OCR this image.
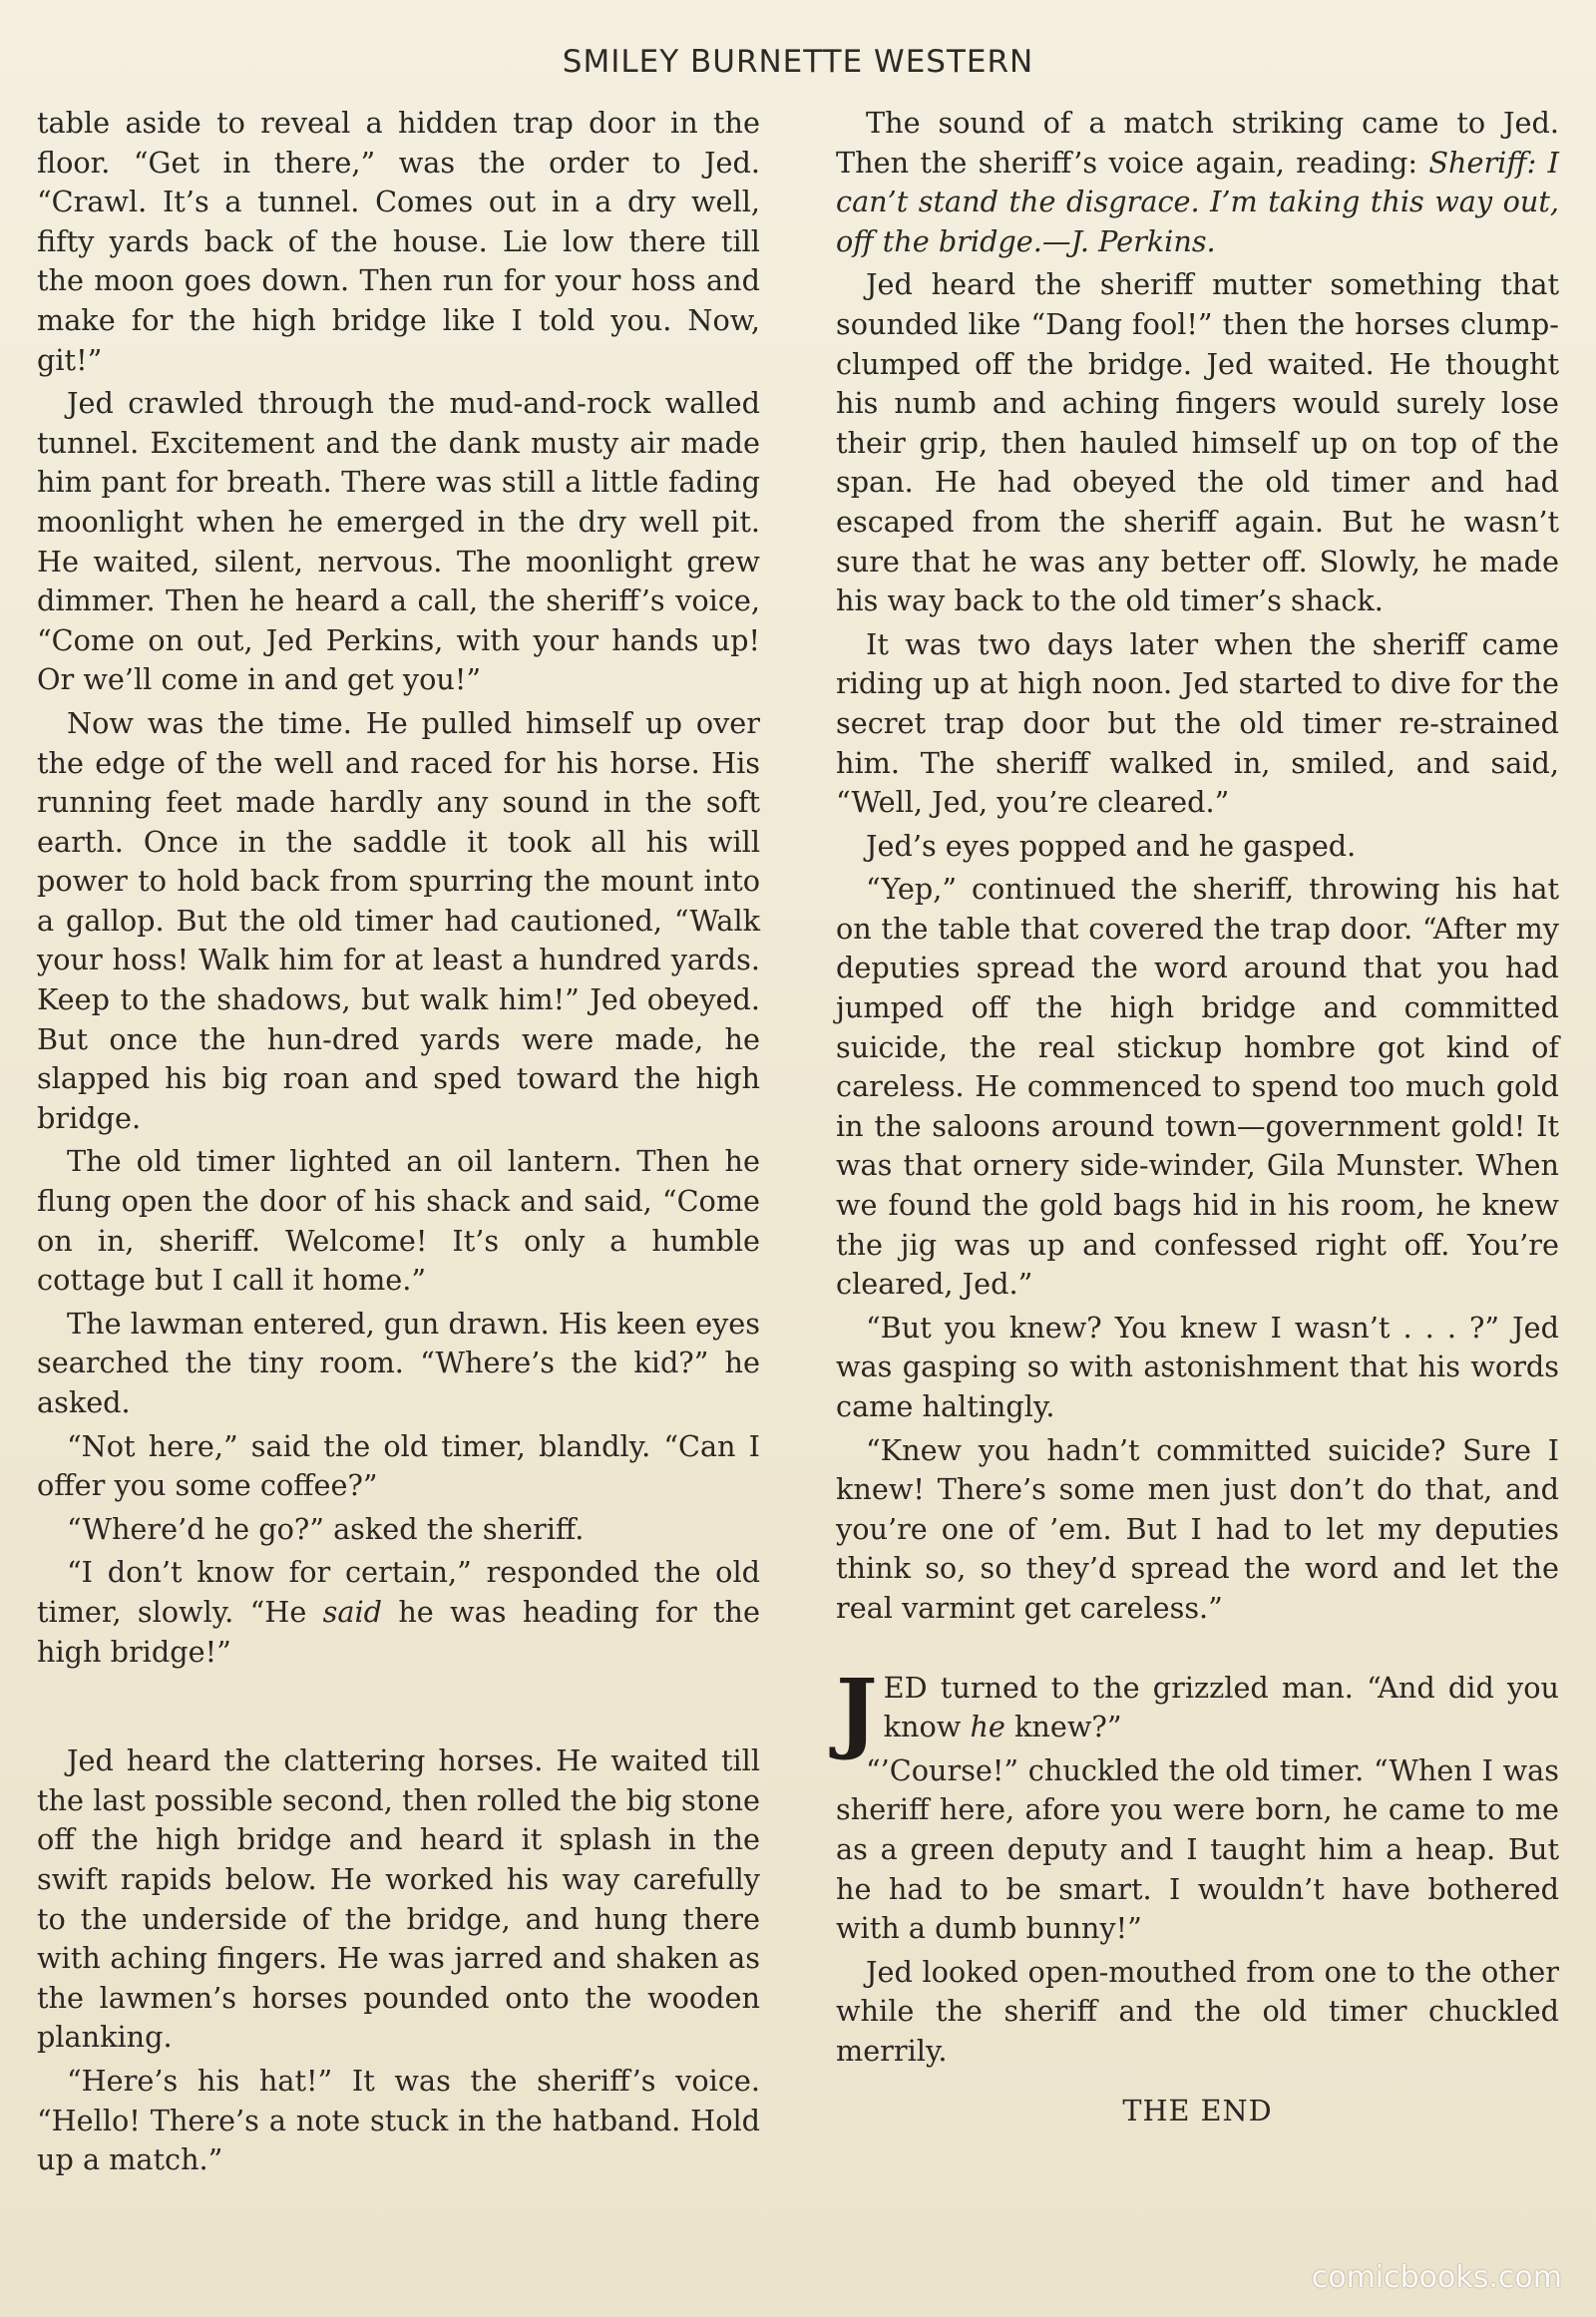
SMILEY BURNETTE WESTERN

table aside to reveal a hidden trap door in the floor. “Get in there,” was the order to Jed. “Crawl. It’s a tunnel. Comes out in a dry well, fifty yards back of the house. Lie low there till the moon goes down. Then run for your hoss and make for the high bridge like I told you. Now, git!”

Jed crawled through the mud-and-rock walled tunnel. Excitement and the dank musty air made him pant for breath. There was still a little fading moonlight when he emerged in the dry well pit. He waited, silent, nervous. The moonlight grew dimmer. Then he heard a call, the sheriff’s voice, “Come on out, Jed Perkins, with your hands up! Or we’ll come in and get you!”

Now was the time. He pulled himself up over the edge of the well and raced for his horse. His running feet made hardly any sound in the soft earth. Once in the saddle it took all his will power to hold back from spurring the mount into a gallop. But the old timer had cautioned, “Walk your hoss! Walk him for at least a hundred yards. Keep to the shadows, but walk him!” Jed obeyed. But once the hun-dred yards were made, he slapped his big roan and sped toward the high bridge.

The old timer lighted an oil lantern. Then he flung open the door of his shack and said, “Come on in, sheriff. Welcome! It’s only a humble cottage but I call it home.”

The lawman entered, gun drawn. His keen eyes searched the tiny room. “Where’s the kid?” he asked.

“Not here,” said the old timer, blandly. “Can I offer you some coffee?”

“Where’d he go?” asked the sheriff.

“I don’t know for certain,” responded the old timer, slowly. “He said he was heading for the high bridge!”

Jed heard the clattering horses. He waited till the last possible second, then rolled the big stone off the high bridge and heard it splash in the swift rapids below. He worked his way carefully to the underside of the bridge, and hung there with aching fingers. He was jarred and shaken as the lawmen’s horses pounded onto the wooden planking.

“Here’s his hat!” It was the sheriff’s voice. “Hello! There’s a note stuck in the hatband. Hold up a match.”

The sound of a match striking came to Jed. Then the sheriff’s voice again, reading: Sheriff: I can’t stand the disgrace. I’m taking this way out, off the bridge.—J. Perkins.

Jed heard the sheriff mutter something that sounded like “Dang fool!” then the horses clump-clumped off the bridge. Jed waited. He thought his numb and aching fingers would surely lose their grip, then hauled himself up on top of the span. He had obeyed the old timer and had escaped from the sheriff again. But he wasn’t sure that he was any better off. Slowly, he made his way back to the old timer’s shack.

It was two days later when the sheriff came riding up at high noon. Jed started to dive for the secret trap door but the old timer re-strained him. The sheriff walked in, smiled, and said, “Well, Jed, you’re cleared.”

Jed’s eyes popped and he gasped.

“Yep,” continued the sheriff, throwing his hat on the table that covered the trap door. “After my deputies spread the word around that you had jumped off the high bridge and committed suicide, the real stickup hombre got kind of careless. He commenced to spend too much gold in the saloons around town—government gold! It was that ornery side-winder, Gila Munster. When we found the gold bags hid in his room, he knew the jig was up and confessed right off. You’re cleared, Jed.”

“But you knew? You knew I wasn’t . . . ?” Jed was gasping so with astonishment that his words came haltingly.

“Knew you hadn’t committed suicide? Sure I knew! There’s some men just don’t do that, and you’re one of ’em. But I had to let my deputies think so, so they’d spread the word and let the real varmint get careless.”

JED turned to the grizzled man. “And did you know he knew?”

“’Course!” chuckled the old timer. “When I was sheriff here, afore you were born, he came to me as a green deputy and I taught him a heap. But he had to be smart. I wouldn’t have bothered with a dumb bunny!”

Jed looked open-mouthed from one to the other while the sheriff and the old timer chuckled merrily.

THE END

comicbooks.com
